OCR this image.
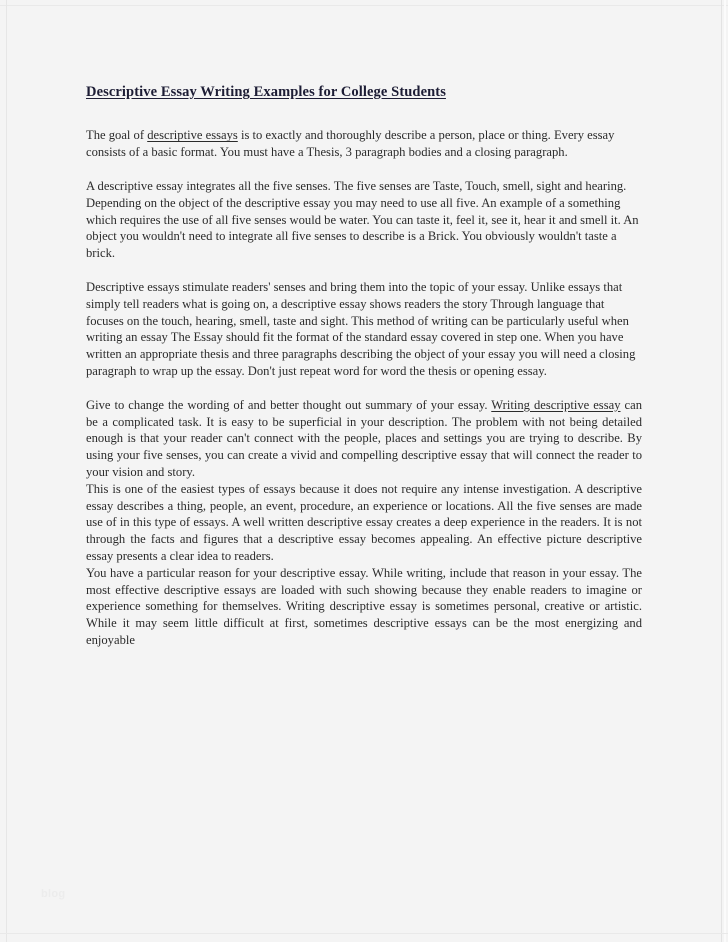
Descriptive Essay Writing Examples for College Students

The goal of descriptive essays is to exactly and thoroughly describe a person, place or thing. Every essay consists of a basic format. You must have a Thesis, 3 paragraph bodies and a closing paragraph.

A descriptive essay integrates all the five senses. The five senses are Taste, Touch, smell, sight and hearing. Depending on the object of the descriptive essay you may need to use all five. An example of a something which requires the use of all five senses would be water. You can taste it, feel it, see it, hear it and smell it. An object you wouldn't need to integrate all five senses to describe is a Brick. You obviously wouldn't taste a brick.

Descriptive essays stimulate readers' senses and bring them into the topic of your essay. Unlike essays that simply tell readers what is going on, a descriptive essay shows readers the story Through language that focuses on the touch, hearing, smell, taste and sight. This method of writing can be particularly useful when writing an essay The Essay should fit the format of the standard essay covered in step one. When you have written an appropriate thesis and three paragraphs describing the object of your essay you will need a closing paragraph to wrap up the essay. Don't just repeat word for word the thesis or opening essay.

Give to change the wording of and better thought out summary of your essay. Writing descriptive essay can be a complicated task. It is easy to be superficial in your description. The problem with not being detailed enough is that your reader can't connect with the people, places and settings you are trying to describe. By using your five senses, you can create a vivid and compelling descriptive essay that will connect the reader to your vision and story.

This is one of the easiest types of essays because it does not require any intense investigation. A descriptive essay describes a thing, people, an event, procedure, an experience or locations. All the five senses are made use of in this type of essays. A well written descriptive essay creates a deep experience in the readers. It is not through the facts and figures that a descriptive essay becomes appealing. An effective picture descriptive essay presents a clear idea to readers.

You have a particular reason for your descriptive essay. While writing, include that reason in your essay. The most effective descriptive essays are loaded with such showing because they enable readers to imagine or experience something for themselves. Writing descriptive essay is sometimes personal, creative or artistic. While it may seem little difficult at first, sometimes descriptive essays can be the most energizing and enjoyable

blog
